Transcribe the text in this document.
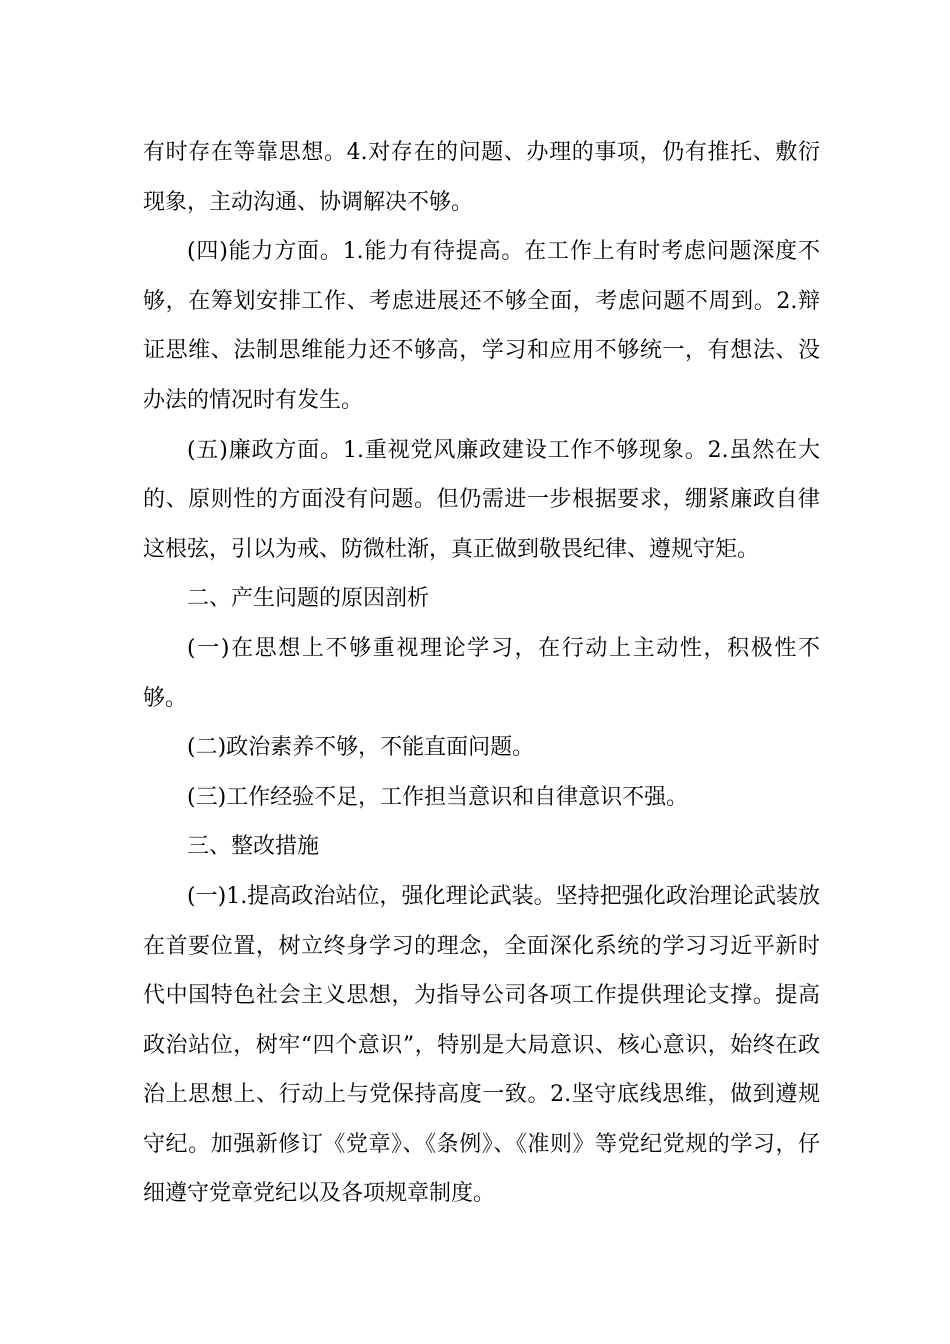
有时存在等靠思想。4.对存在的问题、办理的事项，仍有推托、敷衍现象，主动沟通、协调解决不够。

(四)能力方面。1.能力有待提高。在工作上有时考虑问题深度不够，在筹划安排工作、考虑进展还不够全面，考虑问题不周到。2.辩证思维、法制思维能力还不够高，学习和应用不够统一，有想法、没办法的情况时有发生。

(五)廉政方面。1.重视党风廉政建设工作不够现象。2.虽然在大的、原则性的方面没有问题。但仍需进一步根据要求，绷紧廉政自律这根弦，引以为戒、防微杜渐，真正做到敬畏纪律、遵规守矩。

二、产生问题的原因剖析

(一)在思想上不够重视理论学习，在行动上主动性，积极性不够。

(二)政治素养不够，不能直面问题。

(三)工作经验不足，工作担当意识和自律意识不强。

三、整改措施

(一)1.提高政治站位，强化理论武装。坚持把强化政治理论武装放在首要位置，树立终身学习的理念，全面深化系统的学习习近平新时代中国特色社会主义思想，为指导公司各项工作提供理论支撑。提高政治站位，树牢“四个意识”，特别是大局意识、核心意识，始终在政治上思想上、行动上与党保持高度一致。2.坚守底线思维，做到遵规守纪。加强新修订《党章》、《条例》、《准则》等党纪党规的学习，仔细遵守党章党纪以及各项规章制度。
